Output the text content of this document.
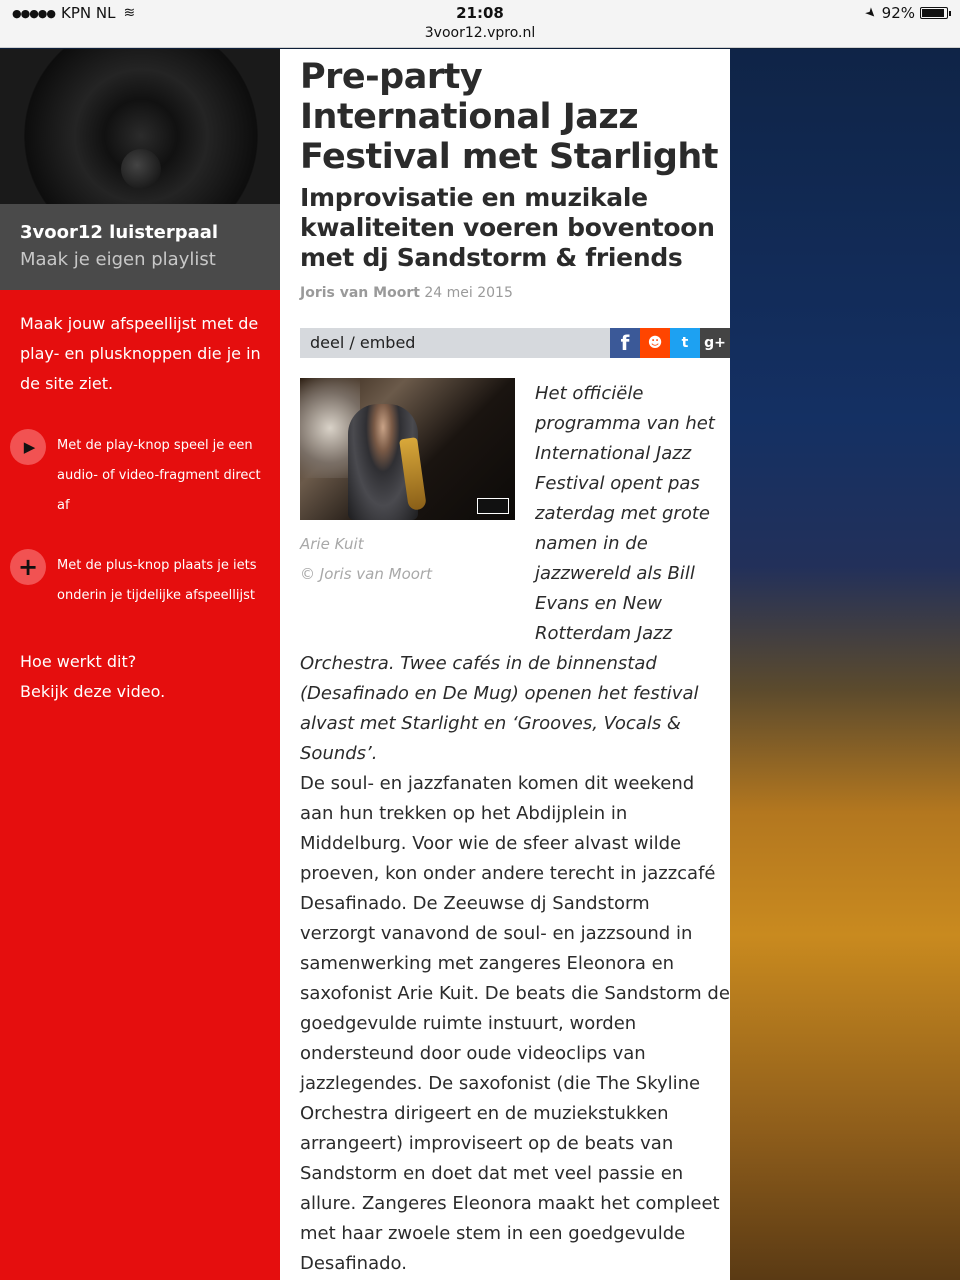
●●●●● KPN NL ≋	21:08
3voor12.vpro.nl
➤ 92%
3voor12 luisterpaal
Maak je eigen playlist
Maak jouw afspeellijst met de play- en plusknoppen die je in de site ziet.
▶	Met de play-knop speel je een audio- of video-fragment direct af
+	Met de plus-knop plaats je iets onderin je tijdelijke afspeellijst
Hoe werkt dit?
Bekijk deze video.
Pre-party International Jazz Festival met Starlight
Improvisatie en muzikale kwaliteiten voeren boventoon met dj Sandstorm & friends
Joris van Moort 24 mei 2015
deel / embed	f	☻	t	g+
Arie Kuit
© Joris van Moort
Het officiële programma van het International Jazz Festival opent pas zaterdag met grote namen in de jazzwereld als Bill Evans en New Rotterdam Jazz Orchestra. Twee cafés in de binnenstad (Desafinado en De Mug) openen het festival alvast met Starlight en ‘Grooves, Vocals & Sounds’.
De soul- en jazzfanaten komen dit weekend aan hun trekken op het Abdijplein in Middelburg. Voor wie de sfeer alvast wilde proeven, kon onder andere terecht in jazzcafé Desafinado. De Zeeuwse dj Sandstorm verzorgt vanavond de soul- en jazzsound in samenwerking met zangeres Eleonora en saxofonist Arie Kuit. De beats die Sandstorm de goedgevulde ruimte instuurt, worden ondersteund door oude videoclips van jazzlegendes. De saxofonist (die The Skyline Orchestra dirigeert en de muziekstukken arrangeert) improviseert op de beats van Sandstorm en doet dat met veel passie en allure. Zangeres Eleonora maakt het compleet met haar zwoele stem in een goedgevulde Desafinado.
